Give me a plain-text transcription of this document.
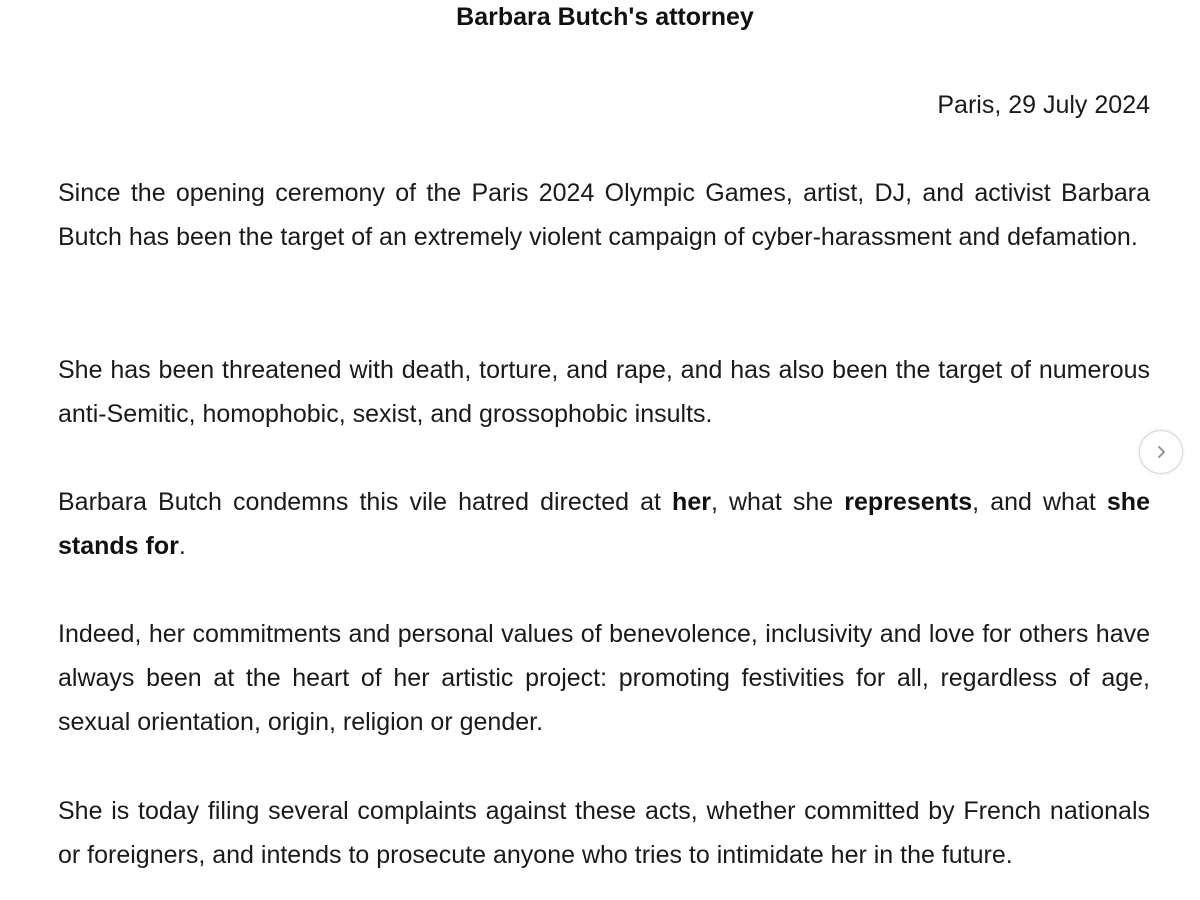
Barbara Butch's attorney
Paris, 29 July 2024

Since the opening ceremony of the Paris 2024 Olympic Games, artist, DJ, and activist Barbara Butch has been the target of an extremely violent campaign of cyber-harassment and defamation.

She has been threatened with death, torture, and rape, and has also been the target of numerous anti-Semitic, homophobic, sexist, and grossophobic insults.

Barbara Butch condemns this vile hatred directed at her, what she represents, and what she stands for.

Indeed, her commitments and personal values of benevolence, inclusivity and love for others have always been at the heart of her artistic project: promoting festivities for all, regardless of age, sexual orientation, origin, religion or gender.

She is today filing several complaints against these acts, whether committed by French nationals or foreigners, and intends to prosecute anyone who tries to intimidate her in the future.
